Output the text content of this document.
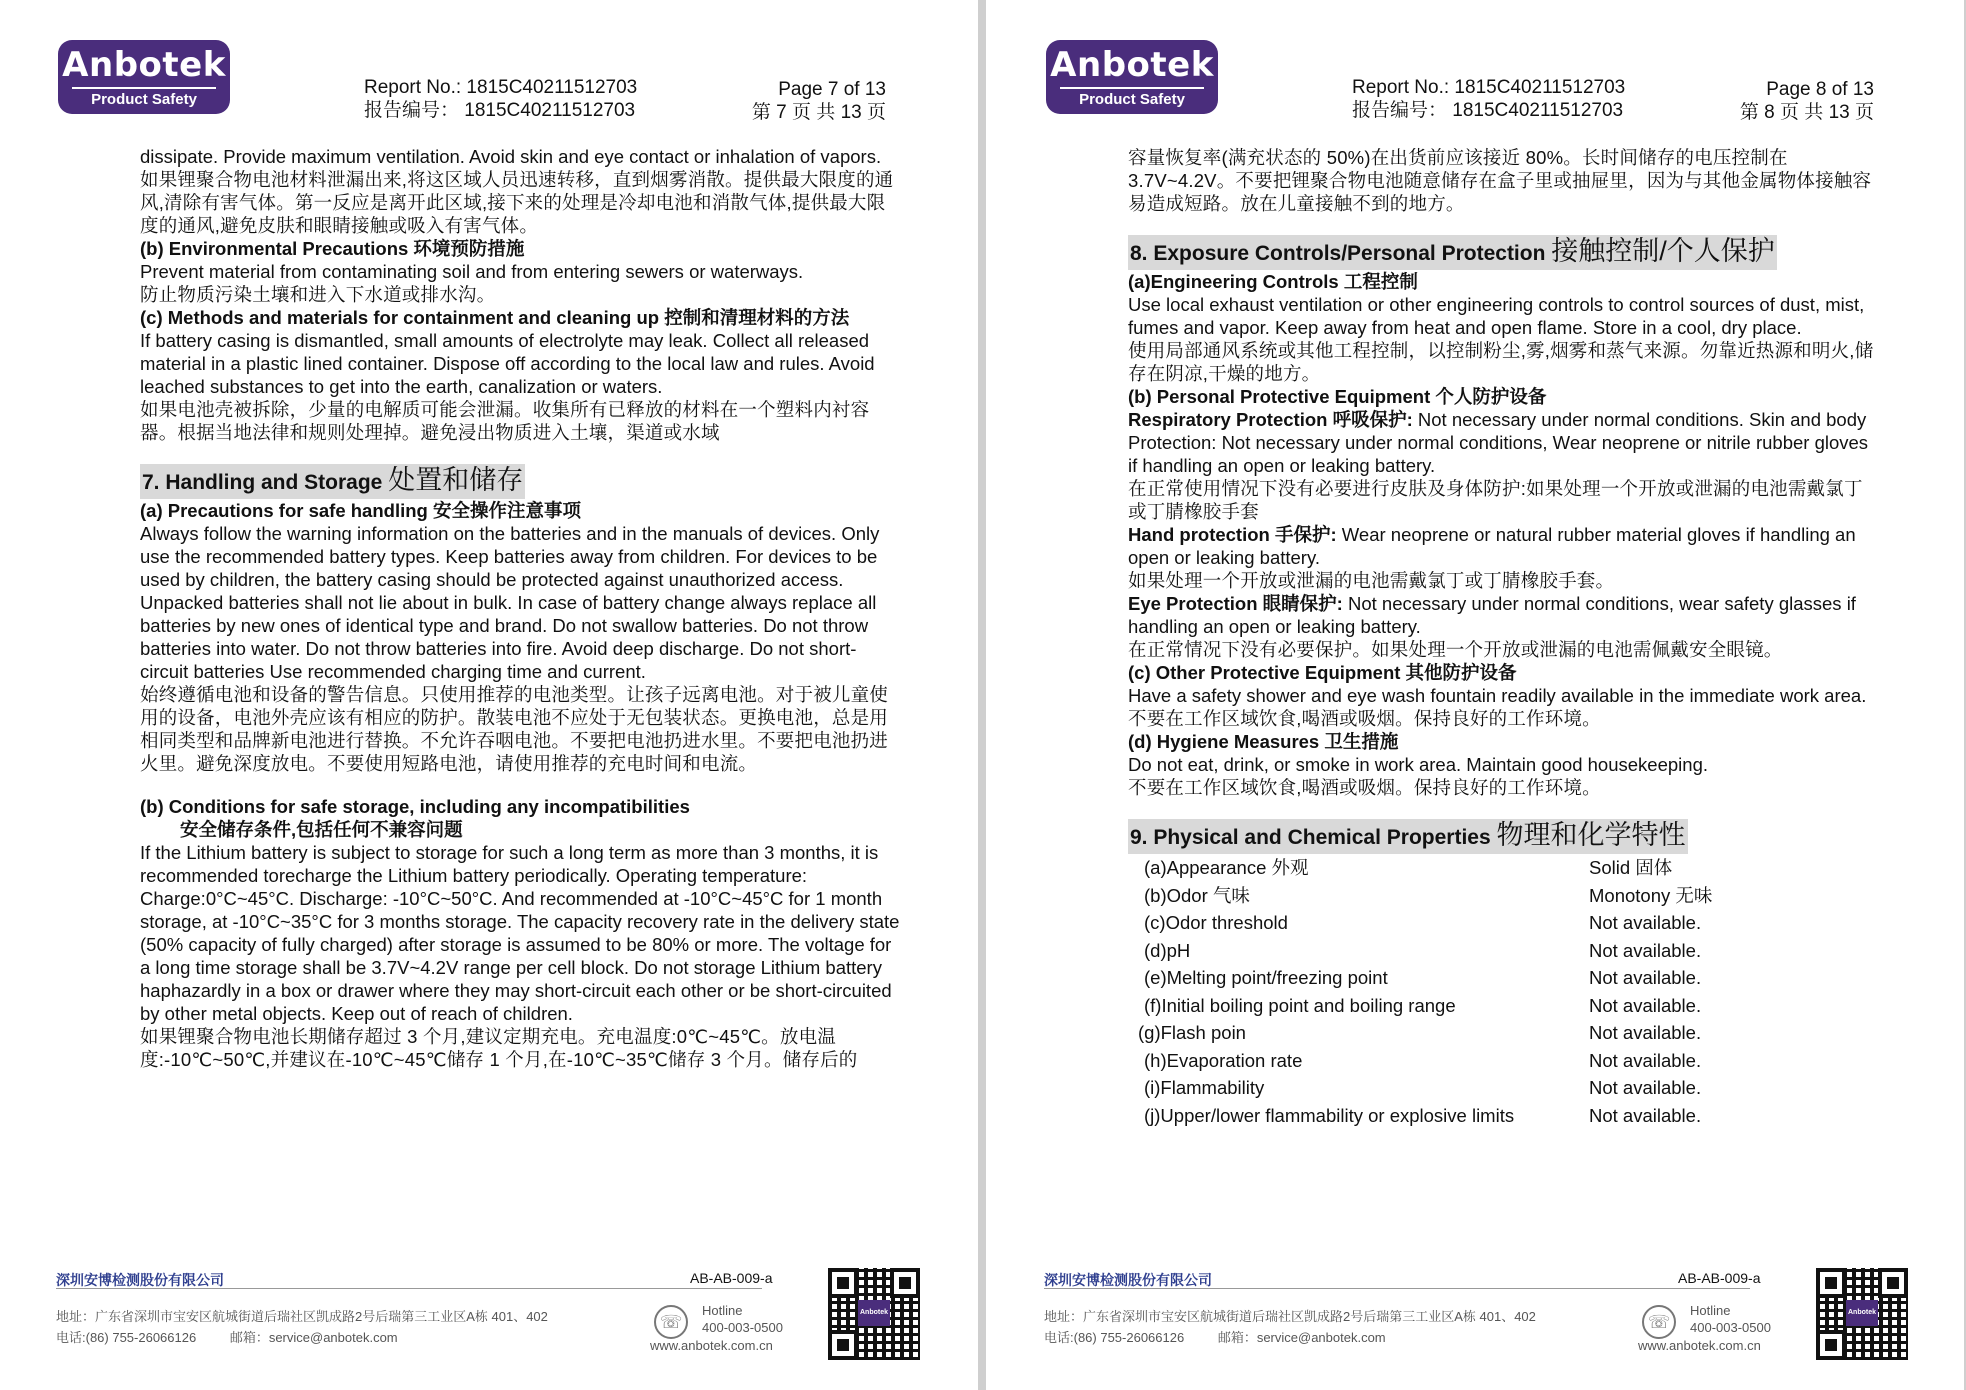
Anbotek
Product Safety
Report No.: 1815C40211512703
报告编号： 1815C40211512703
Page 7 of 13
第 7 页 共 13 页

dissipate. Provide maximum ventilation. Avoid skin and eye contact or inhalation of vapors.

如果锂聚合物电池材料泄漏出来,将这区域人员迅速转移，直到烟雾消散。提供最大限度的通风,清除有害气体。第一反应是离开此区域,接下来的处理是冷却电池和消散气体,提供最大限度的通风,避免皮肤和眼睛接触或吸入有害气体。

(b) Environmental Precautions 环境预防措施

Prevent material from contaminating soil and from entering sewers or waterways.

防止物质污染土壤和进入下水道或排水沟。

(c) Methods and materials for containment and cleaning up 控制和清理材料的方法

If battery casing is dismantled, small amounts of electrolyte may leak. Collect all released material in a plastic lined container. Dispose off according to the local law and rules. Avoid leached substances to get into the earth, canalization or waters.

如果电池壳被拆除，少量的电解质可能会泄漏。收集所有已释放的材料在一个塑料内衬容器。根据当地法律和规则处理掉。避免浸出物质进入土壤，渠道或水域

7. Handling and Storage 处置和储存

(a) Precautions for safe handling 安全操作注意事项

Always follow the warning information on the batteries and in the manuals of devices. Only use the recommended battery types. Keep batteries away from children. For devices to be used by children, the battery casing should be protected against unauthorized access. Unpacked batteries shall not lie about in bulk. In case of battery change always replace all batteries by new ones of identical type and brand. Do not swallow batteries. Do not throw batteries into water. Do not throw batteries into fire. Avoid deep discharge. Do not short-circuit batteries Use recommended charging time and current.

始终遵循电池和设备的警告信息。只使用推荐的电池类型。让孩子远离电池。对于被儿童使用的设备，电池外壳应该有相应的防护。散装电池不应处于无包装状态。更换电池，总是用相同类型和品牌新电池进行替换。不允许吞咽电池。不要把电池扔进水里。不要把电池扔进火里。避免深度放电。不要使用短路电池，请使用推荐的充电时间和电流。

(b) Conditions for safe storage, including any incompatibilities

安全储存条件,包括任何不兼容问题

If the Lithium battery is subject to storage for such a long term as more than 3 months, it is recommended torecharge the Lithium battery periodically. Operating temperature: Charge:0°C~45°C. Discharge: -10°C~50°C. And recommended at -10°C~45°C for 1 month storage, at -10°C~35°C for 3 months storage. The capacity recovery rate in the delivery state (50% capacity of fully charged) after storage is assumed to be 80% or more. The voltage for a long time storage shall be 3.7V~4.2V range per cell block. Do not storage Lithium battery haphazardly in a box or drawer where they may short-circuit each other or be short-circuited by other metal objects. Keep out of reach of children.

如果锂聚合物电池长期储存超过 3 个月,建议定期充电。充电温度:0℃~45℃。放电温度:-10℃~50℃,并建议在-10℃~45℃储存 1 个月,在-10℃~35℃储存 3 个月。储存后的

深圳安博检测股份有限公司	AB-AB-009-a
地址：广东省深圳市宝安区航城街道后瑞社区凯成路2号后瑞第三工业区A栋 401、402
电话:(86) 755-26066126	邮箱：service@anbotek.com
☏
Hotline
400-003-0500
www.anbotek.com.cn
Anbotek
Anbotek
Product Safety
Report No.: 1815C40211512703
报告编号： 1815C40211512703
Page 8 of 13
第 8 页 共 13 页

容量恢复率(满充状态的 50%)在出货前应该接近 80%。长时间储存的电压控制在 3.7V~4.2V。不要把锂聚合物电池随意储存在盒子里或抽屉里，因为与其他金属物体接触容易造成短路。放在儿童接触不到的地方。

8. Exposure Controls/Personal Protection 接触控制/个人保护

(a)Engineering Controls 工程控制

Use local exhaust ventilation or other engineering controls to control sources of dust, mist, fumes and vapor. Keep away from heat and open flame. Store in a cool, dry place.

使用局部通风系统或其他工程控制，以控制粉尘,雾,烟雾和蒸气来源。勿靠近热源和明火,储存在阴凉,干燥的地方。

(b) Personal Protective Equipment 个人防护设备

Respiratory Protection 呼吸保护: Not necessary under normal conditions. Skin and body Protection: Not necessary under normal conditions, Wear neoprene or nitrile rubber gloves if handling an open or leaking battery.

在正常使用情况下没有必要进行皮肤及身体防护:如果处理一个开放或泄漏的电池需戴氯丁或丁腈橡胶手套

Hand protection 手保护: Wear neoprene or natural rubber material gloves if handling an open or leaking battery.

如果处理一个开放或泄漏的电池需戴氯丁或丁腈橡胶手套。

Eye Protection 眼睛保护: Not necessary under normal conditions, wear safety glasses if handling an open or leaking battery.

在正常情况下没有必要保护。如果处理一个开放或泄漏的电池需佩戴安全眼镜。

(c) Other Protective Equipment 其他防护设备

Have a safety shower and eye wash fountain readily available in the immediate work area.

不要在工作区域饮食,喝酒或吸烟。保持良好的工作环境。

(d) Hygiene Measures 卫生措施

Do not eat, drink, or smoke in work area. Maintain good housekeeping.

不要在工作区域饮食,喝酒或吸烟。保持良好的工作环境。

9. Physical and Chemical Properties 物理和化学特性
(a)Appearance 外观	Solid 固体
(b)Odor 气味	Monotony 无味
(c)Odor threshold	Not available.
(d)pH	Not available.
(e)Melting point/freezing point	Not available.
(f)Initial boiling point and boiling range	Not available.
(g)Flash poin	Not available.
(h)Evaporation rate	Not available.
(i)Flammability	Not available.
(j)Upper/lower flammability or explosive limits	Not available.
深圳安博检测股份有限公司	AB-AB-009-a
地址：广东省深圳市宝安区航城街道后瑞社区凯成路2号后瑞第三工业区A栋 401、402
电话:(86) 755-26066126	邮箱：service@anbotek.com
☏
Hotline
400-003-0500
www.anbotek.com.cn
Anbotek
